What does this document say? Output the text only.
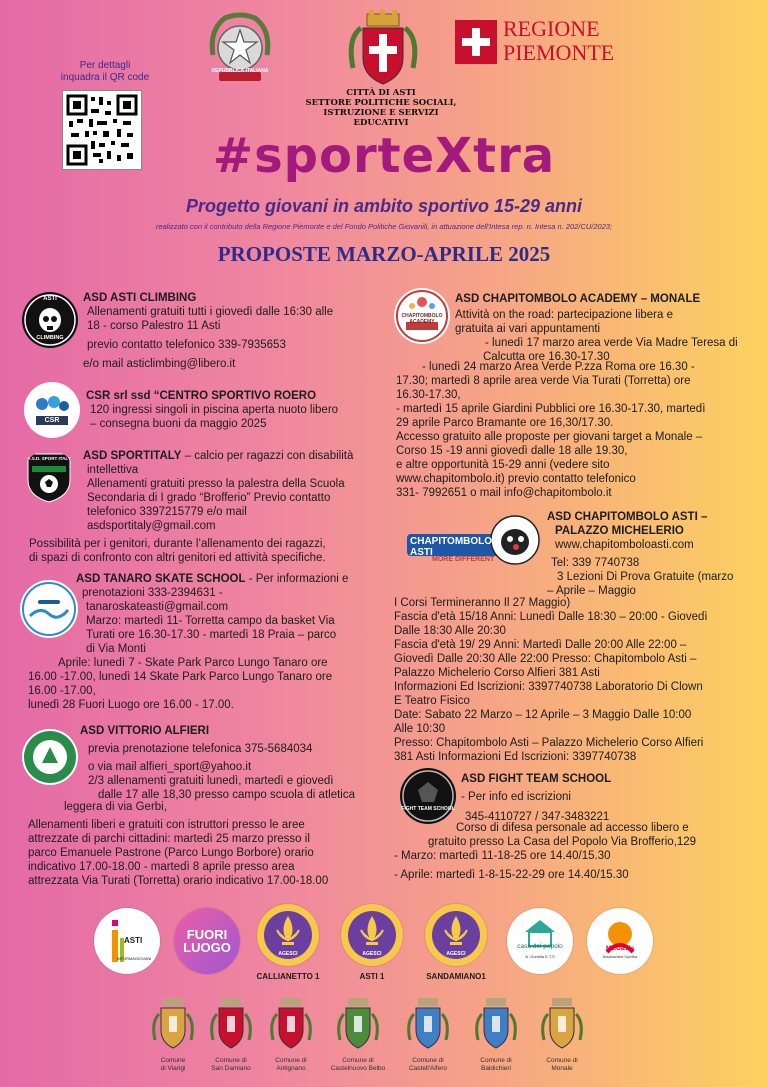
Per dettagli
inquadra il QR code
REPUBBLICA ITALIANA
CITTÀ DI ASTI
SETTORE POLITICHE SOCIALI,
ISTRUZIONE E SERVIZI EDUCATIVI
REGIONE
PIEMONTE
#sporteXtra
Progetto giovani in ambito sportivo 15-29 anni
realizzato con il contributo della Regione Piemonte e del Fondo Politiche Giovanili, in attuazione dell'Intesa rep. n. Intesa n. 202/CU/2023;
PROPOSTE MARZO-APRILE 2025
ASTI
CLIMBING
ASD ASTI CLIMBING
Allenamenti gratuiti tutti i giovedì dalle 16:30 alle
18 - corso Palestro 11 Asti
previo contatto telefonico 339-7935653
e/o mail asticlimbing@libero.it
CSR
CSR srl ssd “CENTRO SPORTIVO ROERO
120 ingressi singoli in piscina aperta nuoto libero
– consegna buoni da maggio 2025
A.S.D. SPORT ITALY ASD SPORTITALY – calcio per ragazzi con disabilità
intellettiva
Allenamenti gratuiti presso la palestra della Scuola
Secondaria di I grado “Brofferio” Previo contatto
telefonico 3397215779 e/o mail
asdsportitaly@gmail.com
Possibilità per i genitori, durante l’allenamento dei ragazzi,
di spazi di confronto con altri genitori ed attività specifiche.
ASD TANARO SKATE SCHOOL - Per informazioni e
prenotazioni 333-2394631 -
tanaroskateasti@gmail.com
Marzo: martedì 11- Torretta campo da basket Via
Turati ore 16.30-17.30 - martedì 18 Praia – parco
di Via Monti
Aprile: lunedì 7 - Skate Park Parco Lungo Tanaro ore
16.00 -17.00, lunedì 14 Skate Park Parco Lungo Tanaro ore
16.00 -17.00,
lunedì 28 Fuori Luogo ore 16.00 - 17.00.
ASD VITTORIO ALFIERI
previa prenotazione telefonica 375-5684034
o via mail alfieri_sport@yahoo.it
2/3 allenamenti gratuiti lunedì, martedì e giovedì
dalle 17 alle 18,30 presso campo scuola di atletica
leggera di via Gerbi,
Allenamenti liberi e gratuiti con istruttori presso le aree
attrezzate di parchi cittadini: martedì 25 marzo presso il
parco Emanuele Pastrone (Parco Lungo Borbore) orario
indicativo 17.00-18.00 - martedì 8 aprile presso area
attrezzata Via Turati (Torretta) orario indicativo 17.00-18.00
CHAPITOMBOLO ACADEMY
ASD CHAPITOMBOLO ACADEMY – MONALE
Attività on the road: partecipazione libera e
gratuita ai vari appuntamenti
- lunedì 17 marzo area verde Via Madre Teresa di
Calcutta ore 16.30-17.30
- lunedì 24 marzo Area Verde P.zza Roma ore 16.30 -
17.30; martedì 8 aprile area verde Via Turati (Torretta) ore
16.30-17.30,
- martedì 15 aprile Giardini Pubblici ore 16.30-17.30, martedì
29 aprile Parco Bramante ore 16,30/17.30.
Accesso gratuito alle proposte per giovani target a Monale –
Corso 15 -19 anni giovedì dalle 18 alle 19.30,
e altre opportunità 15-29 anni (vedere sito
www.chapitombolo.it) previo contatto telefonico
331- 7992651 o mail info@chapitombolo.it
CHAPITOMBOLO ASTI
MORE DIFFERENT
ASD CHAPITOMBOLO ASTI –
PALAZZO MICHELERIO
www.chapitomboloasti.com
Tel: 339 7740738
3 Lezioni Di Prova Gratuite (marzo
– Aprile – Maggio
I Corsi Termineranno Il 27 Maggio)
Fascia d'età 15/18 Anni: Lunedì Dalle 18:30 – 20:00 - Giovedì
Dalle 18:30 Alle 20:30
Fascia d'età 19/ 29 Anni: Martedì Dalle 20:00 Alle 22:00 –
Giovedì Dalle 20:30 Alle 22:00 Presso: Chapitombolo Asti –
Palazzo Michelerio Corso Alfieri 381 Asti
Informazioni Ed Iscrizioni: 3397740738 Laboratorio Di Clown
E Teatro Fisico
Date: Sabato 22 Marzo – 12 Aprile – 3 Maggio Dalle 10:00
Alle 10:30
Presso: Chapitombolo Asti – Palazzo Michelerio Corso Alfieri
381 Asti Informazioni Ed Iscrizioni: 3397740738
FIGHT TEAM SCHOOL
ASD FIGHT TEAM SCHOOL
- Per info ed iscrizioni
345-4110727 / 347-3483221
Corso di difesa personale ad accesso libero e
gratuito presso La Casa del Popolo Via Brofferio,129
- Marzo: martedì 11-18-25 ore 14.40/15.30
- Aprile: martedì 1-8-15-22-29 ore 14.40/15.30
ASTI
INFORMAGIOVANI
FUORI
LUOGO	AGESCI
CALLIANETTO 1
AGESCI
ASTI 1
AGESCI
SANDAMIANO1
casa del popolo
A. Gonella E.T.S
Ma.Ga.Ma
Associazione Sportiva
Comune
di Viarigi
Comune di
San Damiano
Comune di
Antignano
Comune di
Castelnuovo Belbo
Comune di
Castell'Alfero
Comune di
Baldichieri
Comune di
Monale
